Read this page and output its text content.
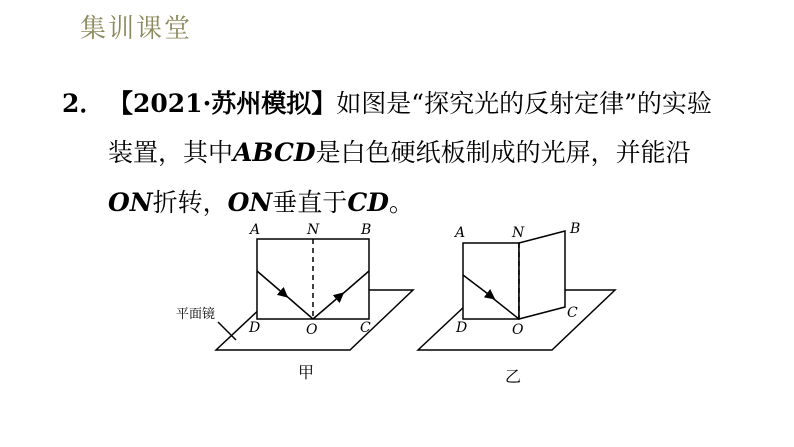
集训课堂
2． 【2021·苏州模拟】如图是“探究光的反射定律”的实验
装置，其中ABCD是白色硬纸板制成的光屏，并能沿
ON折转，ON垂直于CD。
A	N	B
D	O	C
平面镜
甲
A	N	B
D	O
C
乙
